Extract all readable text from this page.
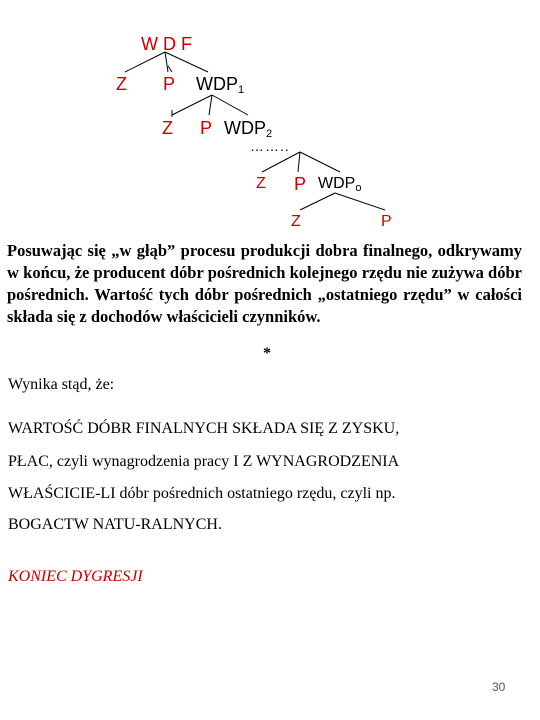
W D F
Z P $WDP_1$
Z P $WDP_2$
……..
Z P $WDP_o$
Z	P

Posuwając się „w głąb” procesu produkcji dobra finalnego, odkrywamy w końcu, że producent dóbr pośrednich kolejnego rzędu nie zużywa dóbr pośrednich. Wartość tych dóbr pośrednich „ostatniego rzędu” w całości składa się z dochodów właścicieli czynników.

*
Wynika stąd, że:
WARTOŚĆ DÓBR FINALNYCH SKŁADA SIĘ Z ZYSKU,
PŁAC, czyli wynagrodzenia pracy I Z WYNAGRODZENIA
WŁAŚCICIE-LI dóbr pośrednich ostatniego rzędu, czyli np.
BOGACTW NATU-RALNYCH.
KONIEC DYGRESJI
30
